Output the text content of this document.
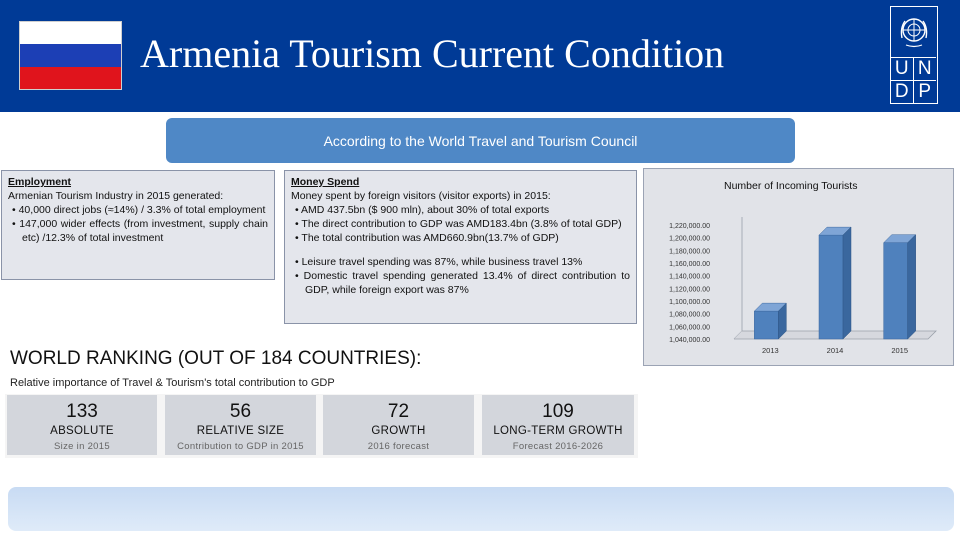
Armenia Tourism Current Condition	U N
D P
According to the World Travel and Tourism Council
Employment
Armenian Tourism Industry in 2015 generated:
• 40,000 direct jobs (≈14%) / 3.3% of total employment
• 147,000 wider effects (from investment, supply chain etc) /12.3% of total investment
Money Spend
Money spent by foreign visitors (visitor exports) in 2015:
• AMD 437.5bn ($ 900 mln), about 30% of total exports
• The direct contribution to GDP was AMD183.4bn (3.8% of total GDP)
• The total contribution was AMD660.9bn(13.7% of GDP)
• Leisure travel spending was 87%, while business travel 13%
• Domestic travel spending generated 13.4% of direct contribution to GDP, while foreign export was 87%
Number of Incoming Tourists
1,040,000.00
1,060,000.00
1,080,000.00
1,100,000.00
1,120,000.00
1,140,000.00
1,160,000.00
1,180,000.00
1,200,000.00
1,220,000.00
2013	2014	2015
WORLD RANKING (OUT OF 184 COUNTRIES):
Relative importance of Travel & Tourism's total contribution to GDP
133
ABSOLUTE
Size in 2015
56
RELATIVE SIZE
Contribution to GDP in 2015
72
GROWTH
2016 forecast
109
LONG-TERM GROWTH
Forecast 2016-2026
